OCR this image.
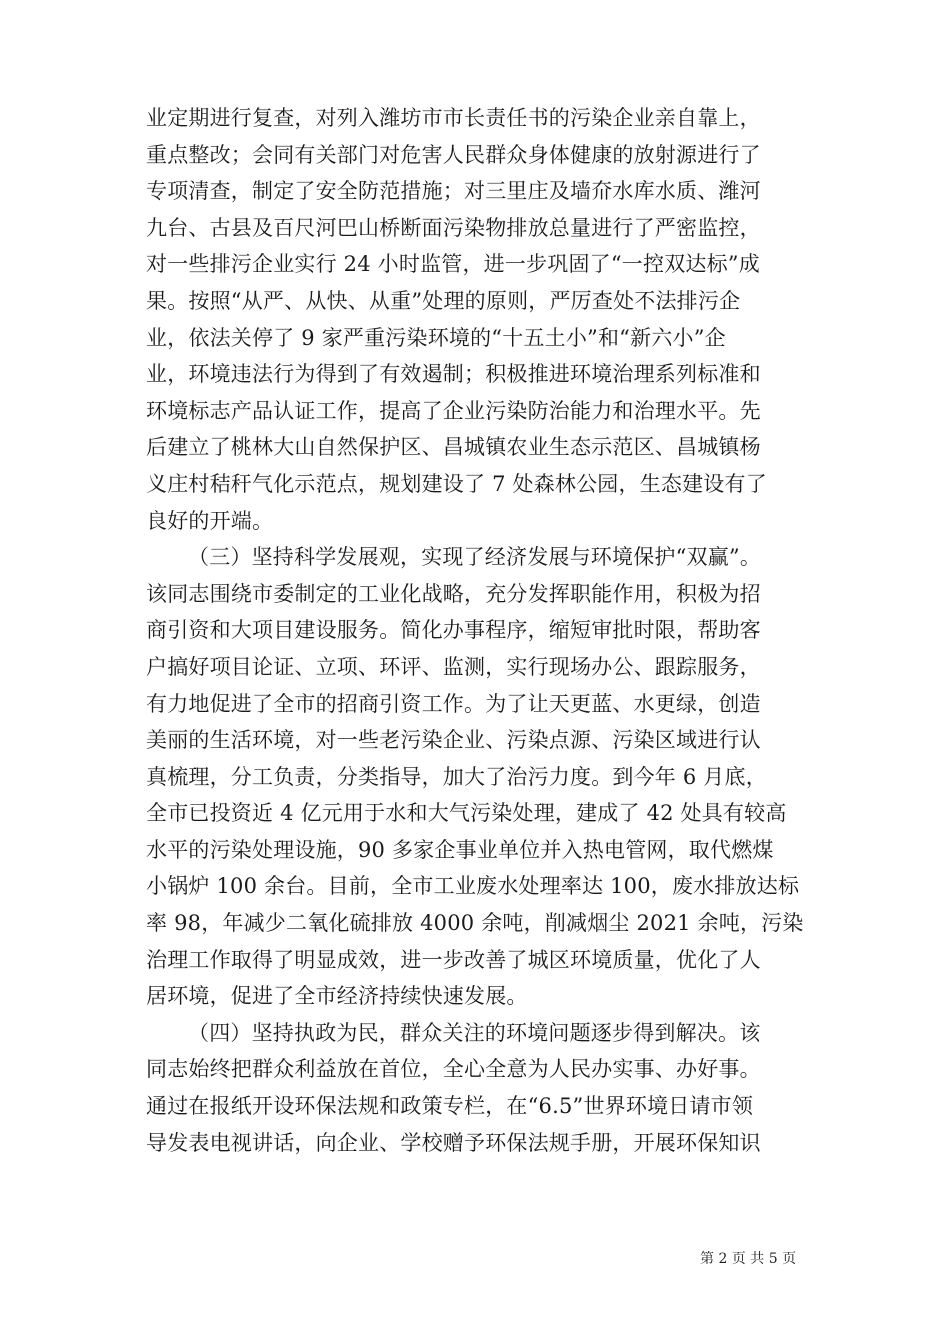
业定期进行复查，对列入潍坊市市长责任书的污染企业亲自靠上，
重点整改；会同有关部门对危害人民群众身体健康的放射源进行了
专项清查，制定了安全防范措施；对三里庄及墙夼水库水质、潍河
九台、古县及百尺河巴山桥断面污染物排放总量进行了严密监控，
对一些排污企业实行 24 小时监管，进一步巩固了“一控双达标”成
果。按照“从严、从快、从重”处理的原则，严厉查处不法排污企
业，依法关停了 9 家严重污染环境的“十五土小”和“新六小”企
业，环境违法行为得到了有效遏制；积极推进环境治理系列标准和
环境标志产品认证工作，提高了企业污染防治能力和治理水平。先
后建立了桃林大山自然保护区、昌城镇农业生态示范区、昌城镇杨
义庄村秸秆气化示范点，规划建设了 7 处森林公园，生态建设有了
良好的开端。
（三）坚持科学发展观，实现了经济发展与环境保护“双赢”。
该同志围绕市委制定的工业化战略，充分发挥职能作用，积极为招
商引资和大项目建设服务。简化办事程序，缩短审批时限，帮助客
户搞好项目论证、立项、环评、监测，实行现场办公、跟踪服务，
有力地促进了全市的招商引资工作。为了让天更蓝、水更绿，创造
美丽的生活环境，对一些老污染企业、污染点源、污染区域进行认
真梳理，分工负责，分类指导，加大了治污力度。到今年 6 月底，
全市已投资近 4 亿元用于水和大气污染处理，建成了 42 处具有较高
水平的污染处理设施，90 多家企事业单位并入热电管网，取代燃煤
小锅炉 100 余台。目前，全市工业废水处理率达 100，废水排放达标
率 98，年减少二氧化硫排放 4000 余吨，削减烟尘 2021 余吨，污染
治理工作取得了明显成效，进一步改善了城区环境质量，优化了人
居环境，促进了全市经济持续快速发展。
（四）坚持执政为民，群众关注的环境问题逐步得到解决。该
同志始终把群众利益放在首位，全心全意为人民办实事、办好事。
通过在报纸开设环保法规和政策专栏，在“6.5”世界环境日请市领
导发表电视讲话，向企业、学校赠予环保法规手册，开展环保知识
第 2 页 共 5 页
